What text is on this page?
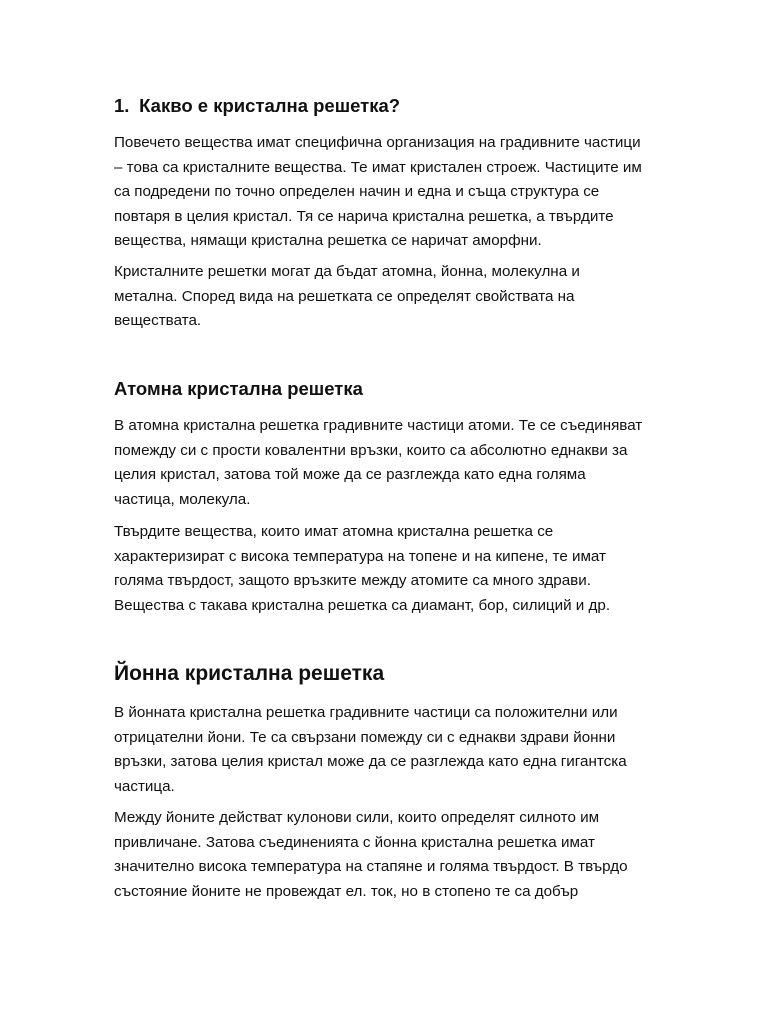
1. Какво е кристална решетка?

Повечето вещества имат специфична организация на градивните частици
– това са кристалните вещества. Те имат кристален строеж. Частиците им
са подредени по точно определен начин и една и съща структура се
повтаря в целия кристал. Тя се нарича кристална решетка, а твърдите
вещества, нямащи кристална решетка се наричат аморфни.

Кристалните решетки могат да бъдат атомна, йонна, молекулна и
метална. Според вида на решетката се определят свойствата на
веществата.

Атомна кристална решетка

В атомна кристална решетка градивните частици атоми. Те се съединяват
помежду си с прости ковалентни връзки, които са абсолютно еднакви за
целия кристал, затова той може да се разглежда като една голяма
частица, молекула.

Твърдите вещества, които имат атомна кристална решетка се
характеризират с висока температура на топене и на кипене, те имат
голяма твърдост, защото връзките между атомите са много здрави.
Вещества с такава кристална решетка са диамант, бор, силиций и др.

Йонна кристална решетка

В йонната кристална решетка градивните частици са положителни или
отрицателни йони. Те са свързани помежду си с еднакви здрави йонни
връзки, затова целия кристал може да се разглежда като една гигантска
частица.

Между йоните действат кулонови сили, които определят силното им
привличане. Затова съединенията с йонна кристална решетка имат
значително висока температура на стапяне и голяма твърдост. В твърдо
състояние йоните не провеждат ел. ток, но в стопено те са добър
